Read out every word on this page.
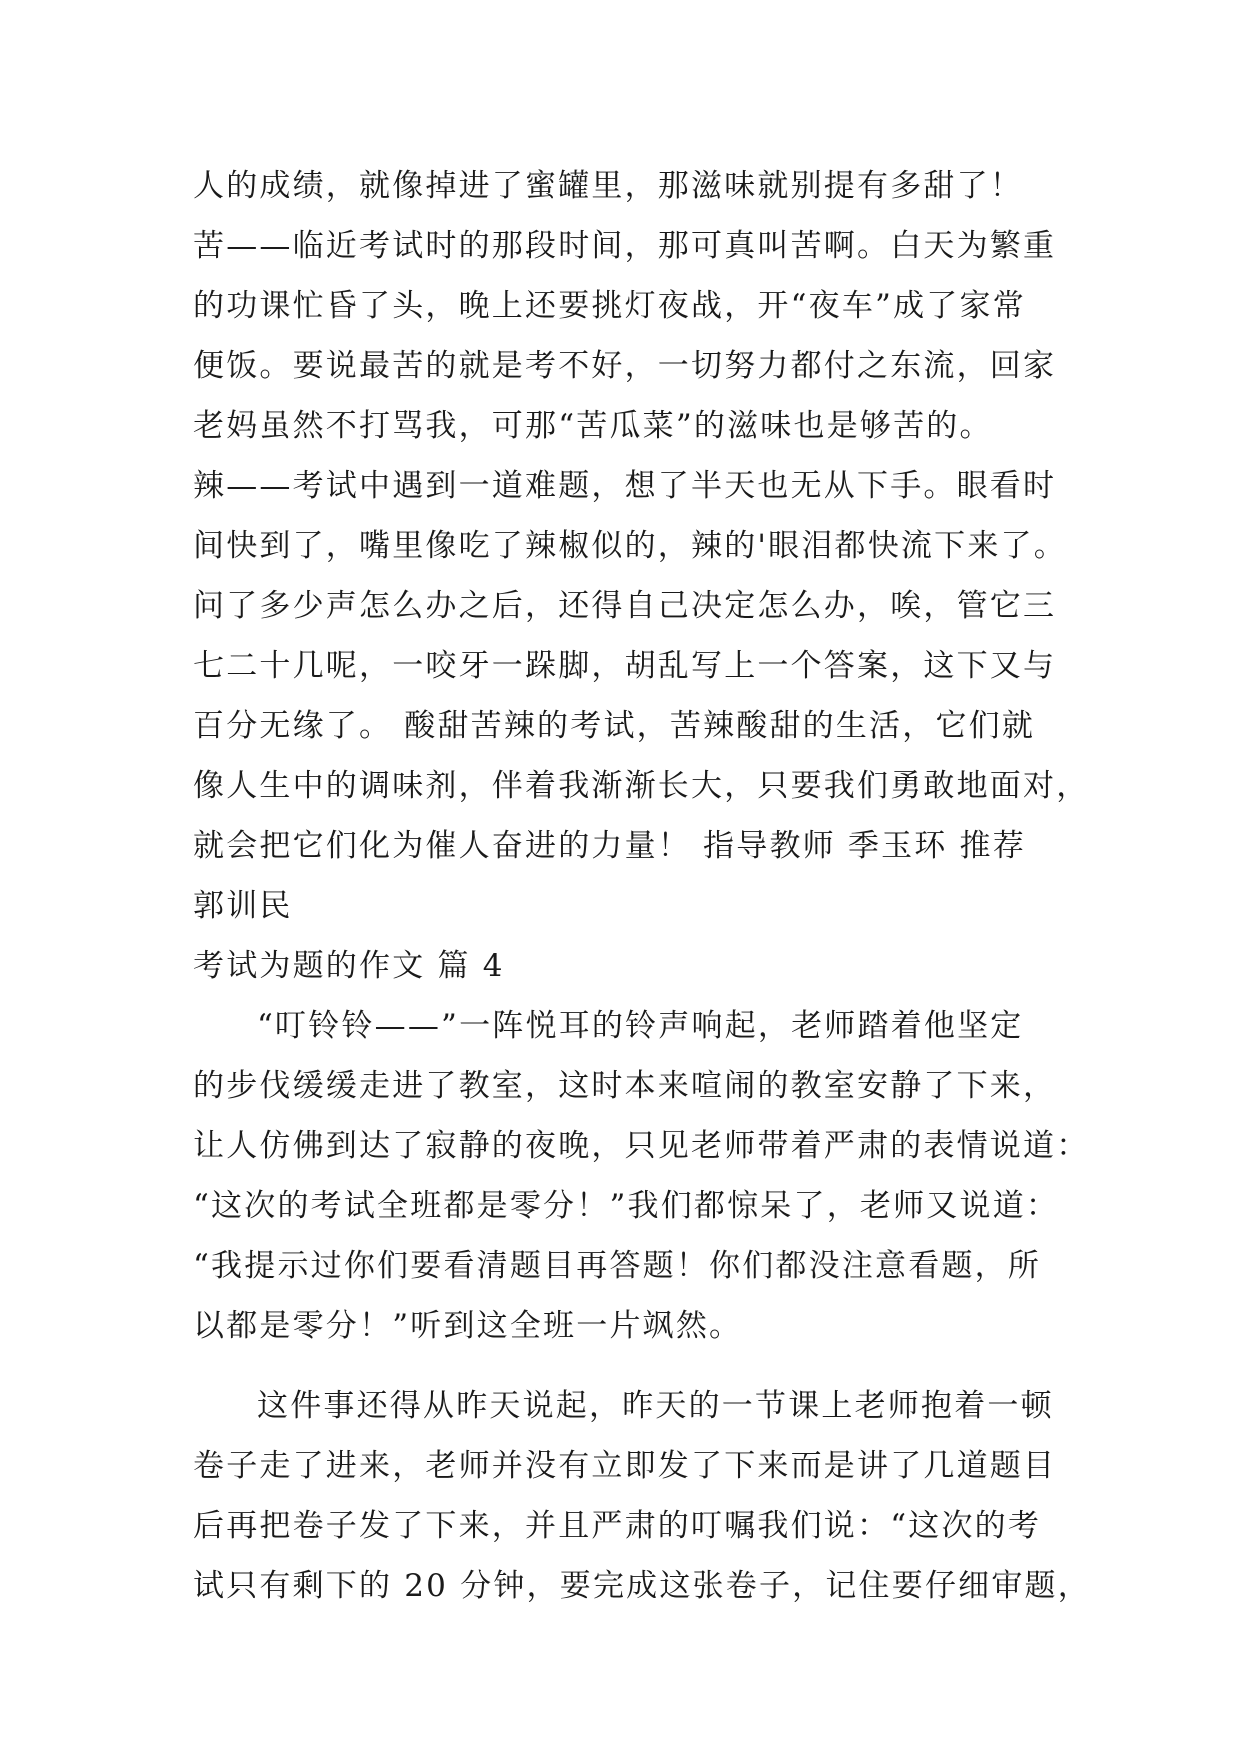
人的成绩，就像掉进了蜜罐里，那滋味就别提有多甜了！
苦——临近考试时的那段时间，那可真叫苦啊。白天为繁重
的功课忙昏了头，晚上还要挑灯夜战，开“夜车”成了家常
便饭。要说最苦的就是考不好，一切努力都付之东流，回家
老妈虽然不打骂我，可那“苦瓜菜”的滋味也是够苦的。
辣——考试中遇到一道难题，想了半天也无从下手。眼看时
间快到了，嘴里像吃了辣椒似的，辣的'眼泪都快流下来了。
问了多少声怎么办之后，还得自己决定怎么办，唉，管它三
七二十几呢，一咬牙一跺脚，胡乱写上一个答案，这下又与
百分无缘了。 酸甜苦辣的考试，苦辣酸甜的生活，它们就
像人生中的调味剂，伴着我渐渐长大，只要我们勇敢地面对，
就会把它们化为催人奋进的力量！ 指导教师 季玉环 推荐
郭训民
考试为题的作文 篇 4
“叮铃铃——”一阵悦耳的铃声响起，老师踏着他坚定
的步伐缓缓走进了教室，这时本来喧闹的教室安静了下来，
让人仿佛到达了寂静的夜晚，只见老师带着严肃的表情说道：
“这次的考试全班都是零分！”我们都惊呆了，老师又说道：
“我提示过你们要看清题目再答题！你们都没注意看题，所
以都是零分！”听到这全班一片飒然。
这件事还得从昨天说起，昨天的一节课上老师抱着一顿
卷子走了进来，老师并没有立即发了下来而是讲了几道题目
后再把卷子发了下来，并且严肃的叮嘱我们说：“这次的考
试只有剩下的 20 分钟，要完成这张卷子，记住要仔细审题，
